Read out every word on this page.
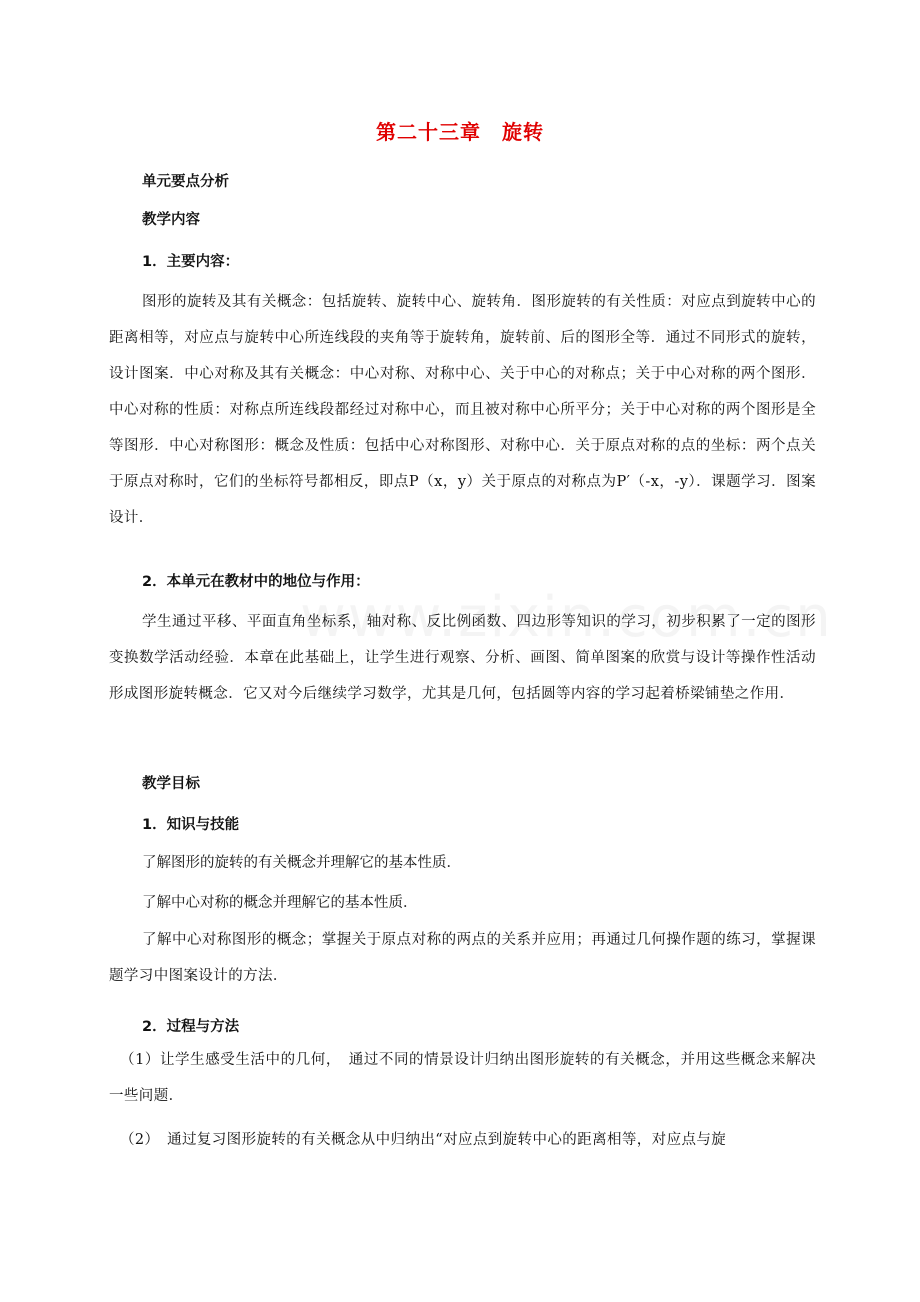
第二十三章　旋转
单元要点分析
教学内容
1．主要内容：
图形的旋转及其有关概念：包括旋转、旋转中心、旋转角．图形旋转的有关性质：对应点到旋转中心的距离相等，对应点与旋转中心所连线段的夹角等于旋转角，旋转前、后的图形全等．通过不同形式的旋转，设计图案．中心对称及其有关概念：中心对称、对称中心、关于中心的对称点；关于中心对称的两个图形．中心对称的性质：对称点所连线段都经过对称中心，而且被对称中心所平分；关于中心对称的两个图形是全等图形．中心对称图形：概念及性质：包括中心对称图形、对称中心．关于原点对称的点的坐标：两个点关于原点对称时，它们的坐标符号都相反，即点P（x，y）关于原点的对称点为P′（-x，-y）．课题学习．图案设计．
2．本单元在教材中的地位与作用：
学生通过平移、平面直角坐标系，轴对称、反比例函数、四边形等知识的学习，初步积累了一定的图形变换数学活动经验．本章在此基础上，让学生进行观察、分析、画图、简单图案的欣赏与设计等操作性活动形成图形旋转概念．它又对今后继续学习数学，尤其是几何，包括圆等内容的学习起着桥梁铺垫之作用．
教学目标
1．知识与技能
了解图形的旋转的有关概念并理解它的基本性质．
了解中心对称的概念并理解它的基本性质．
了解中心对称图形的概念；掌握关于原点对称的两点的关系并应用；再通过几何操作题的练习，掌握课题学习中图案设计的方法．
2．过程与方法
（1）让学生感受生活中的几何，　通过不同的情景设计归纳出图形旋转的有关概念，并用这些概念来解决一些问题．
（2）　通过复习图形旋转的有关概念从中归纳出“对应点到旋转中心的距离相等，对应点与旋
